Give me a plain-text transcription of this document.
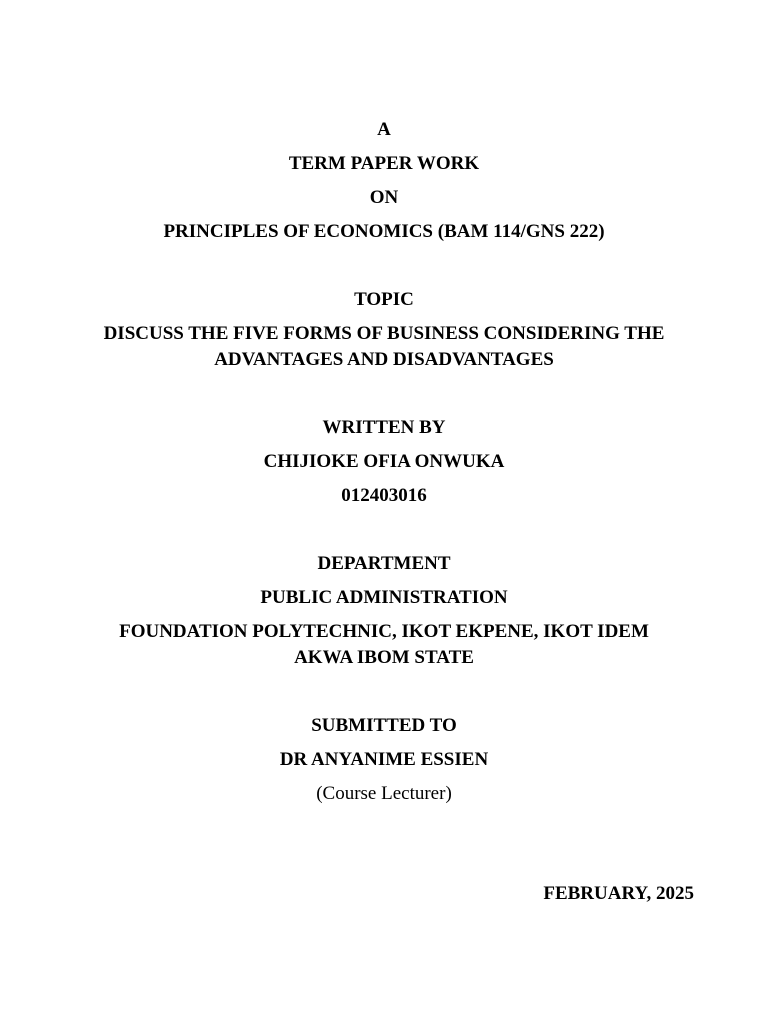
A
TERM PAPER WORK
ON
PRINCIPLES OF ECONOMICS (BAM 114/GNS 222)
TOPIC
DISCUSS THE FIVE FORMS OF BUSINESS CONSIDERING THE
ADVANTAGES AND DISADVANTAGES
WRITTEN BY
CHIJIOKE OFIA ONWUKA
012403016
DEPARTMENT
PUBLIC ADMINISTRATION
FOUNDATION POLYTECHNIC, IKOT EKPENE, IKOT IDEM
AKWA IBOM STATE
SUBMITTED TO
DR ANYANIME ESSIEN
(Course Lecturer)
FEBRUARY, 2025
